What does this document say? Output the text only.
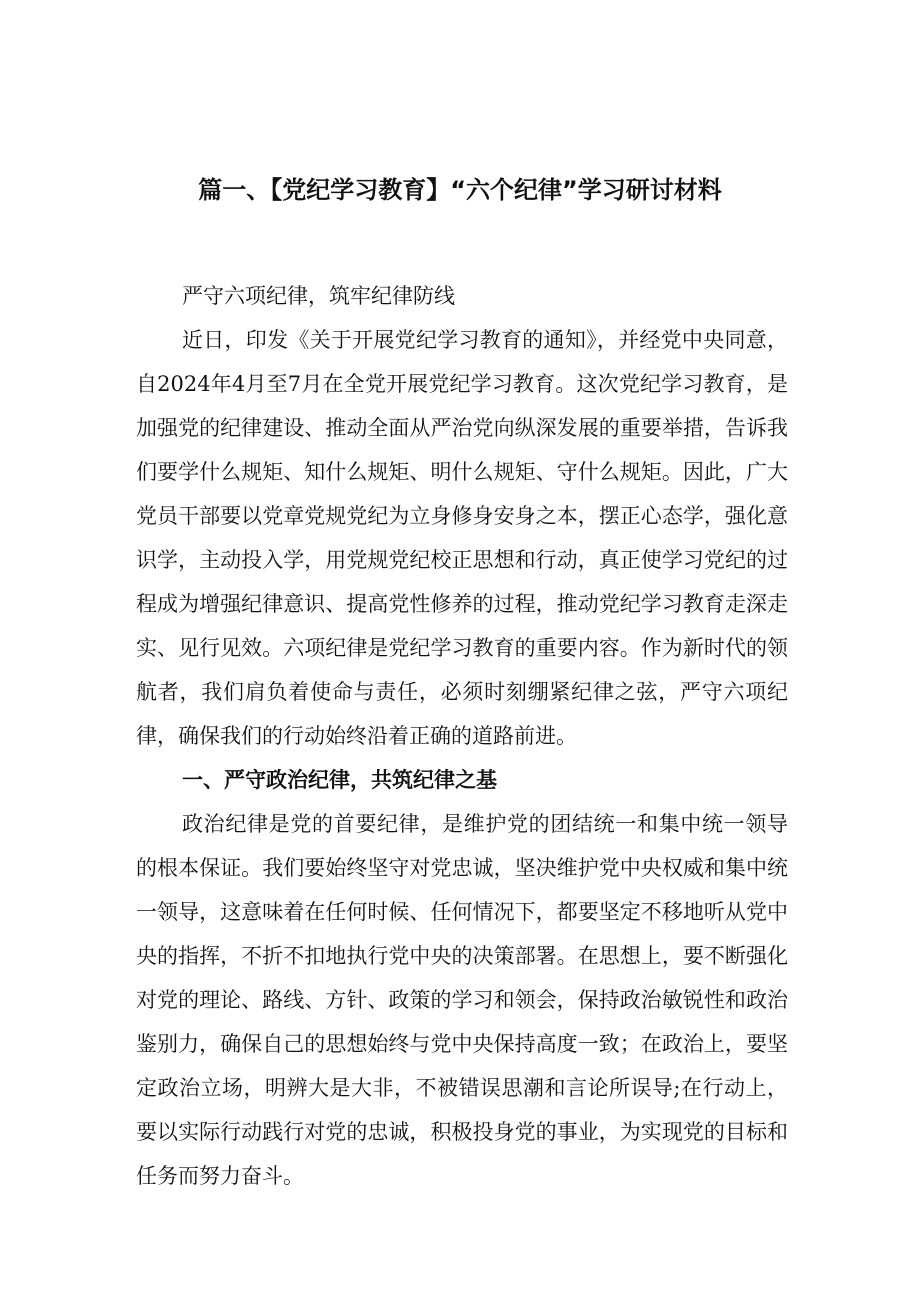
篇一、【党纪学习教育】“六个纪律”学习研讨材料

严守六项纪律，筑牢纪律防线

近日，印发《关于开展党纪学习教育的通知》，并经党中央同意，自2024年4月至7月在全党开展党纪学习教育。这次党纪学习教育，是加强党的纪律建设、推动全面从严治党向纵深发展的重要举措，告诉我们要学什么规矩、知什么规矩、明什么规矩、守什么规矩。因此，广大党员干部要以党章党规党纪为立身修身安身之本，摆正心态学，强化意识学，主动投入学，用党规党纪校正思想和行动，真正使学习党纪的过程成为增强纪律意识、提高党性修养的过程，推动党纪学习教育走深走实、见行见效。六项纪律是党纪学习教育的重要内容。作为新时代的领航者，我们肩负着使命与责任，必须时刻绷紧纪律之弦，严守六项纪律，确保我们的行动始终沿着正确的道路前进。

一、严守政治纪律，共筑纪律之基

政治纪律是党的首要纪律，是维护党的团结统一和集中统一领导的根本保证。我们要始终坚守对党忠诚，坚决维护党中央权威和集中统一领导，这意味着在任何时候、任何情况下，都要坚定不移地听从党中央的指挥，不折不扣地执行党中央的决策部署。在思想上，要不断强化对党的理论、路线、方针、政策的学习和领会，保持政治敏锐性和政治鉴别力，确保自己的思想始终与党中央保持高度一致；在政治上，要坚定政治立场，明辨大是大非，不被错误思潮和言论所误导;在行动上，要以实际行动践行对党的忠诚，积极投身党的事业，为实现党的目标和任务而努力奋斗。
